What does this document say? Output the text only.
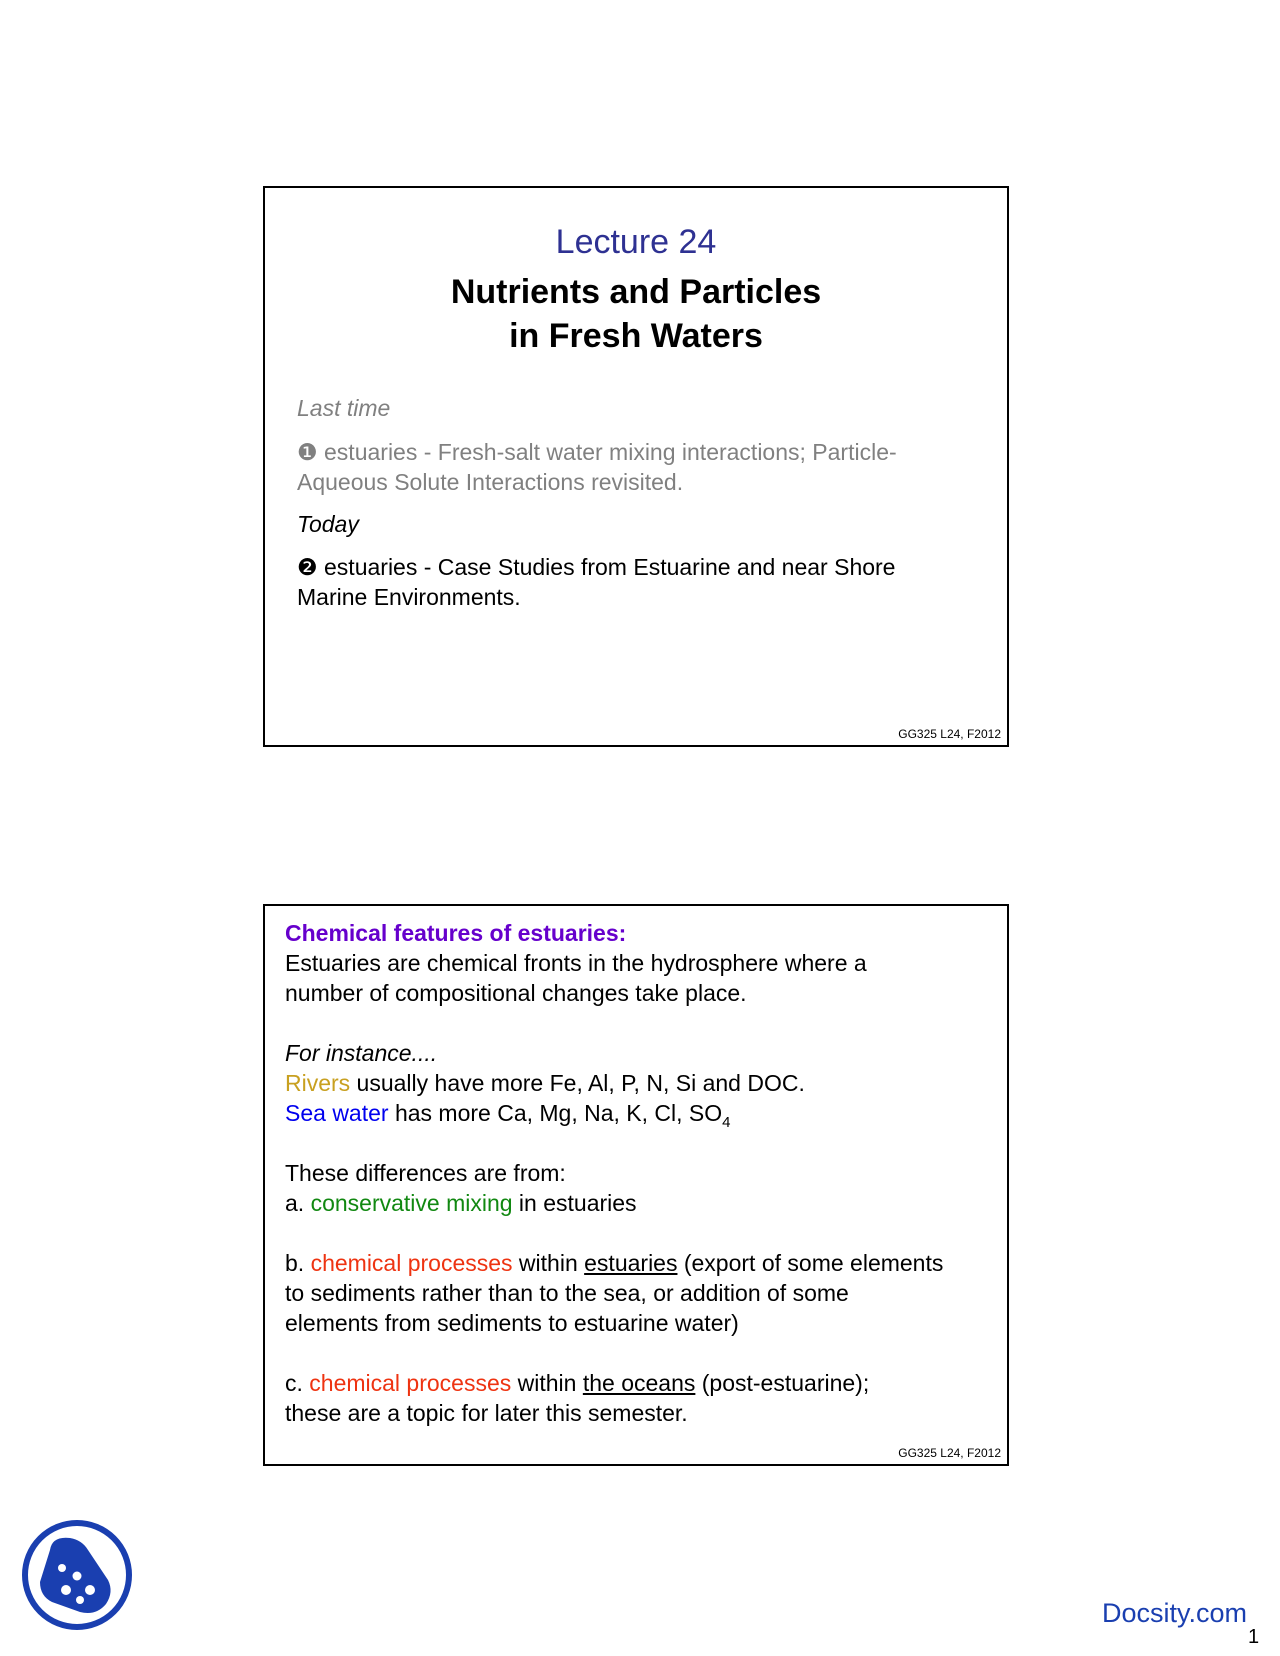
Lecture 24
Nutrients and Particles
in Fresh Waters
Last time
❶ estuaries - Fresh-salt water mixing interactions; Particle-
Aqueous Solute Interactions revisited.
Today
❷ estuaries - Case Studies from Estuarine and near Shore
Marine Environments.
GG325 L24, F2012
Chemical features of estuaries:
Estuaries are chemical fronts in the hydrosphere where a
number of compositional changes take place.
For instance....
Rivers usually have more Fe, Al, P, N, Si and DOC.
Sea water has more Ca, Mg, Na, K, Cl, $SO_4$
These differences are from:
a. conservative mixing in estuaries
b. chemical processes within estuaries (export of some elements
to sediments rather than to the sea, or addition of some
elements from sediments to estuarine water)
c. chemical processes within the oceans (post-estuarine);
these are a topic for later this semester.
GG325 L24, F2012
Docsity.com
1
